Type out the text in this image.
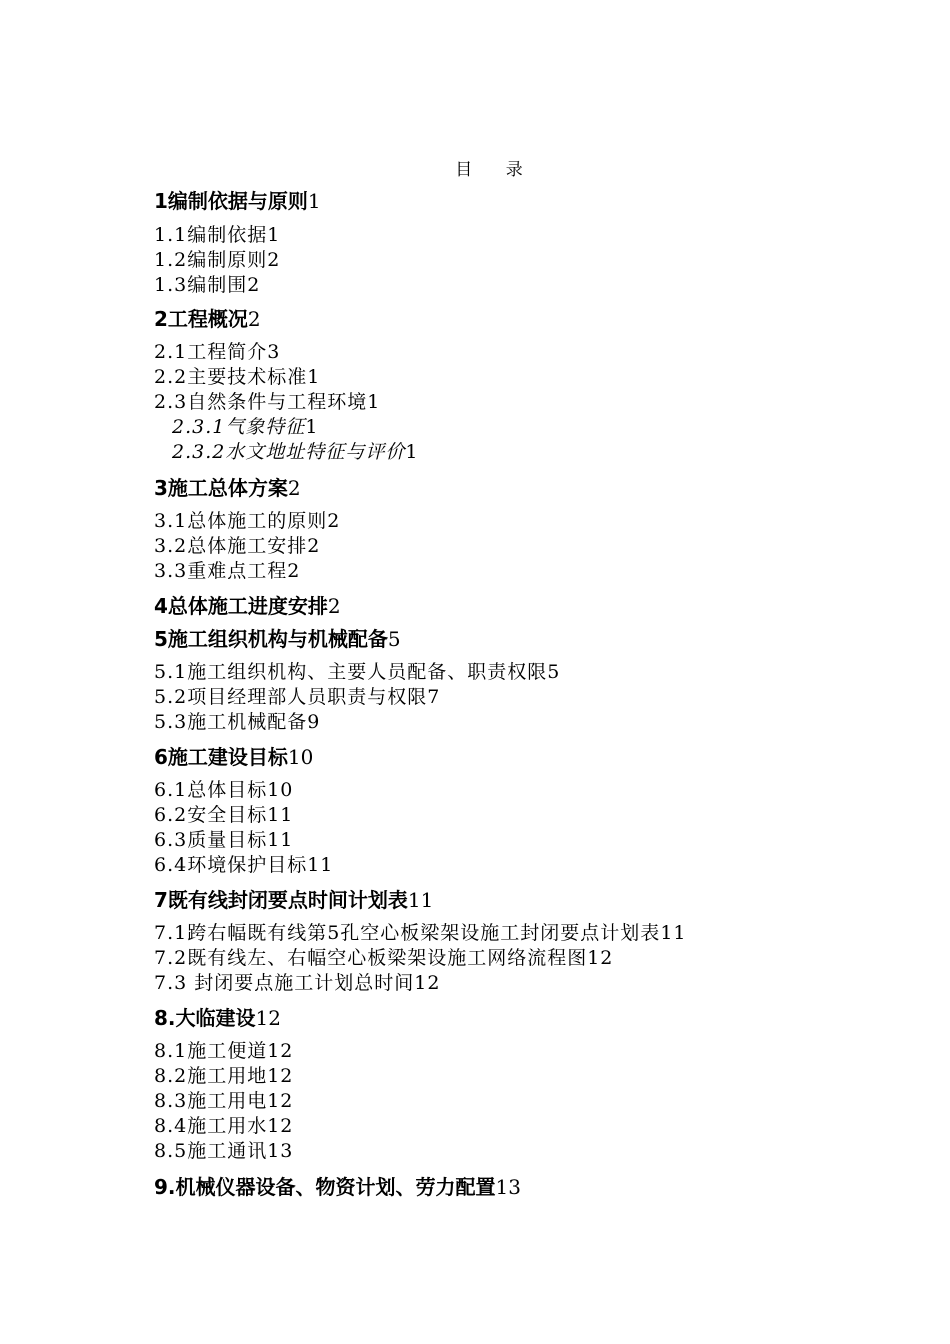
目 录
1编制依据与原则1
1.1编制依据1
1.2编制原则2
1.3编制围2
2工程概况2
2.1工程简介3
2.2主要技术标准1
2.3自然条件与工程环境1
2.3.1气象特征1
2.3.2水文地址特征与评价1
3施工总体方案2
3.1总体施工的原则2
3.2总体施工安排2
3.3重难点工程2
4总体施工进度安排2
5施工组织机构与机械配备5
5.1施工组织机构、主要人员配备、职责权限5
5.2项目经理部人员职责与权限7
5.3施工机械配备9
6施工建设目标10
6.1总体目标10
6.2安全目标11
6.3质量目标11
6.4环境保护目标11
7既有线封闭要点时间计划表11
7.1跨右幅既有线第5孔空心板梁架设施工封闭要点计划表11
7.2既有线左、右幅空心板梁架设施工网络流程图12
7.3 封闭要点施工计划总时间12
8.大临建设12
8.1施工便道12
8.2施工用地12
8.3施工用电12
8.4施工用水12
8.5施工通讯13
9.机械仪器设备、物资计划、劳力配置13
